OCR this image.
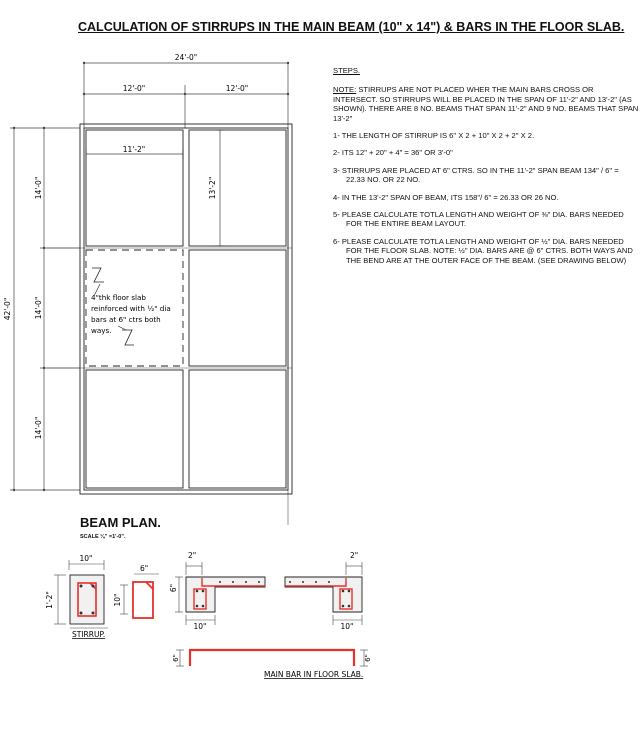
CALCULATION OF STIRRUPS IN THE MAIN BEAM (10" x 14") & BARS IN THE FLOOR SLAB.
24'-0"
12'-0"	12'-0"
11'-2"
42'-0"
14'-0"
14'-0"
14'-0"
13'-2"
4"thk floor slab
reinforced with ½" dia
bars at 6" ctrs both
ways.
10"
1'-2"
STIRRUP.
6"
10"
2"
6"
10"
2"
10"
6"	6"
MAIN BAR IN FLOOR SLAB.
BEAM PLAN.
SCALE ⅛" =1'-0".

STEPS.

NOTE: STIRRUPS ARE NOT PLACED WHER THE MAIN BARS CROSS OR INTERSECT. SO STIRRUPS WILL BE PLACED IN THE SPAN OF 11'-2" AND 13'-2" (AS SHOWN). THERE ARE 8 NO. BEAMS THAT SPAN 11'-2" AND 9 NO. BEAMS THAT SPAN 13'-2"

1- THE LENGTH OF STIRRUP IS 6" X 2 + 10" X 2 + 2" X 2.

2- ITS 12" + 20" + 4" = 36" OR 3'-0"

3- STIRRUPS ARE PLACED AT 6" CTRS. SO IN THE 11'-2" SPAN BEAM 134" / 6" = 22.33 NO. OR 22 NO.

4- IN THE 13'-2" SPAN OF BEAM, ITS 158"/ 6" = 26.33 OR 26 NO.

5- PLEASE CALCULATE TOTLA LENGTH AND WEIGHT OF ⅜" DIA. BARS NEEDED FOR THE ENTIRE BEAM LAYOUT.

6- PLEASE CALCULATE TOTLA LENGTH AND WEIGHT OF ½" DIA. BARS NEEDED FOR THE FLOOR SLAB. NOTE: ½" DIA. BARS ARE @ 6" CTRS. BOTH WAYS AND THE BEND ARE AT THE OUTER FACE OF THE BEAM. (SEE DRAWING BELOW)
